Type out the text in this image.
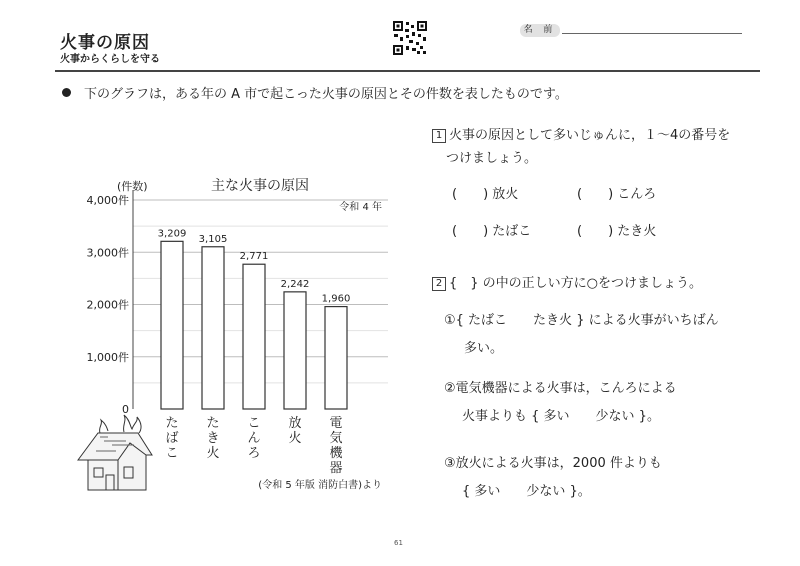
火事の原因
火事からくらしを守る
名 前
下のグラフは，ある年の A 市で起こった火事の原因とその件数を表したものです。
(件数)	主な火事の原因
令和 4 年
4,000件
3,000件
2,000件
1,000件
0
3,209
たばこ
3,105
たき火
2,771
こんろ
2,242
放火
1,960
電気機器
(令和 5 年版 消防白書)より
1 火事の原因として多いじゅんに，１～4の番号を
つけましょう。
(　　) 放火	(　　) こんろ
(　　) たばこ	(　　) たき火
2 {　} の中の正しい方に○をつけましょう。
①{ たばこ　　たき火 } による火事がいちばん
多い。
②電気機器による火事は，こんろによる
火事よりも { 多い　　少ない }。
③放火による火事は，2000 件よりも
{ 多い　　少ない }。
61
